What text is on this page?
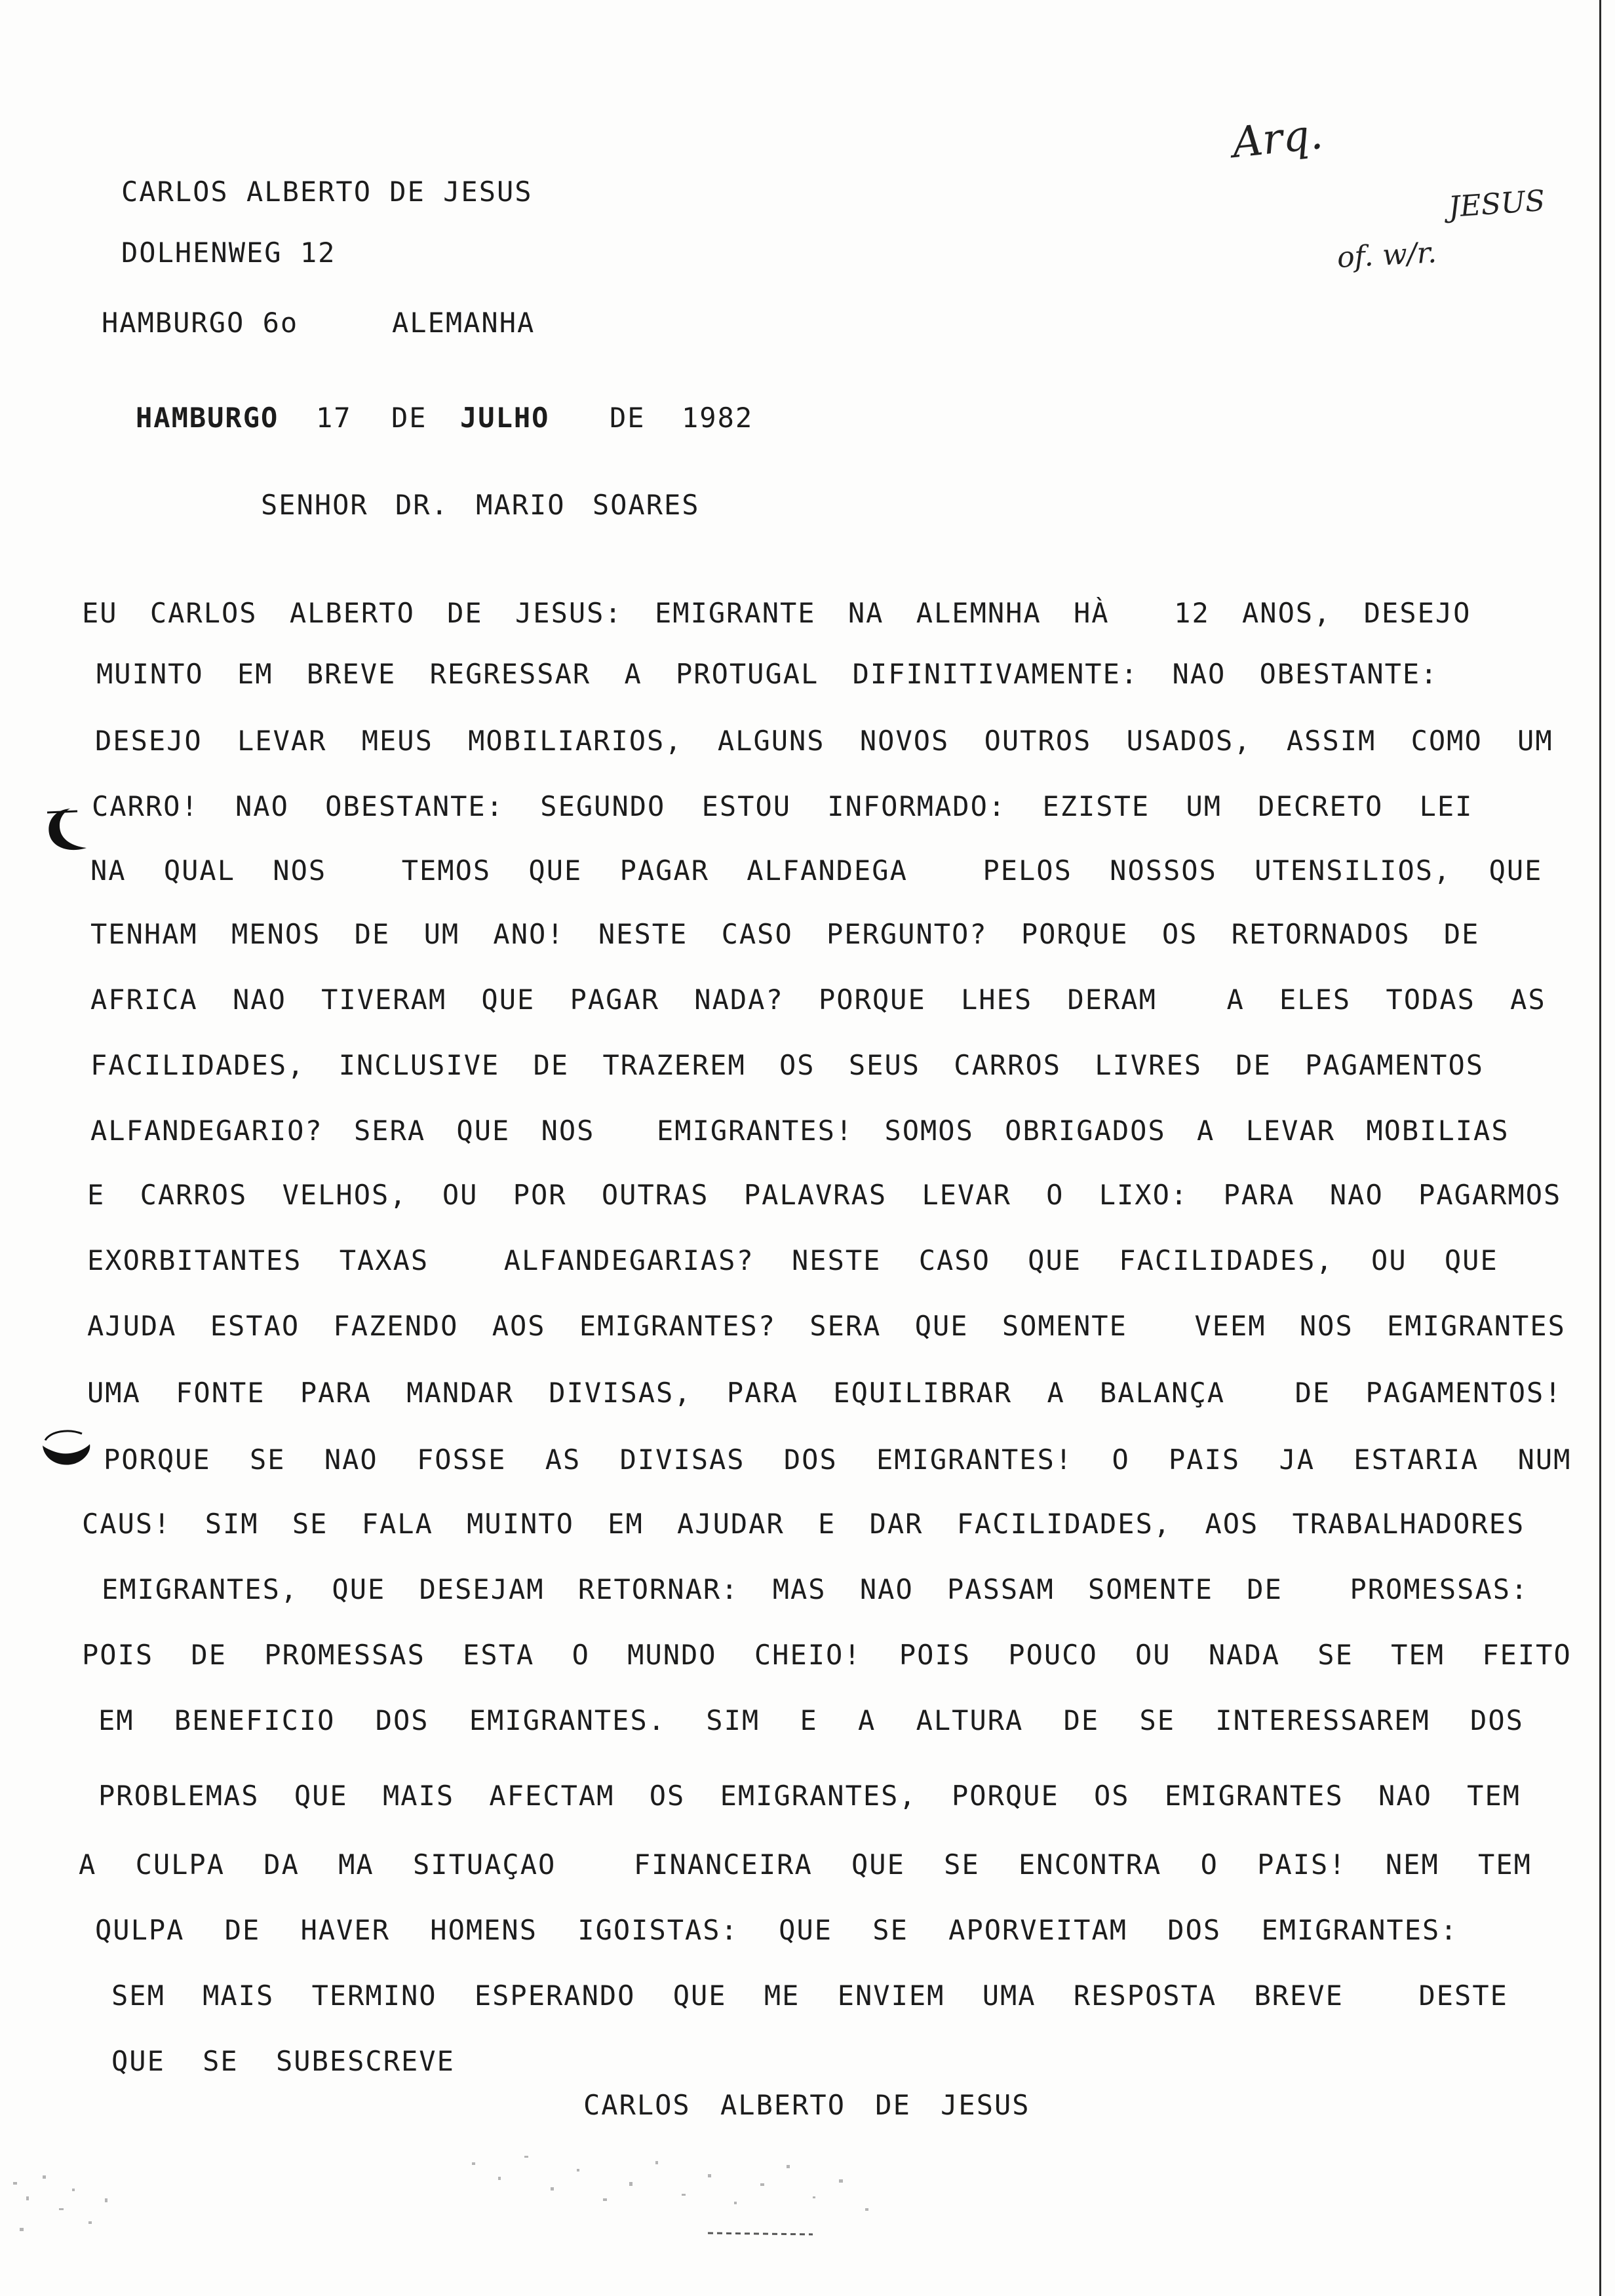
Arq.
JESUS
of. w/r.
CARLOS ALBERTO DE JESUS
DOLHENWEG 12
HAMBURGO 6o	ALEMANHA
HAMBURGO 17 DE JULHO DE 1982
SENHOR DR. MARIO SOARES
EU CARLOS ALBERTO DE JESUS: EMIGRANTE NA ALEMNHA HÀ  12 ANOS, DESEJO
MUINTO EM BREVE REGRESSAR A PROTUGAL DIFINITIVAMENTE: NAO OBESTANTE:
DESEJO LEVAR MEUS MOBILIARIOS, ALGUNS NOVOS OUTROS USADOS, ASSIM COMO UM
CARRO! NAO OBESTANTE: SEGUNDO ESTOU INFORMADO: EZISTE UM DECRETO LEI
NA QUAL NOS  TEMOS QUE PAGAR ALFANDEGA  PELOS NOSSOS UTENSILIOS, QUE
TENHAM MENOS DE UM ANO! NESTE CASO PERGUNTO? PORQUE OS RETORNADOS DE
AFRICA NAO TIVERAM QUE PAGAR NADA? PORQUE LHES DERAM  A ELES TODAS AS
FACILIDADES, INCLUSIVE DE TRAZEREM OS SEUS CARROS LIVRES DE PAGAMENTOS
ALFANDEGARIO? SERA QUE NOS  EMIGRANTES! SOMOS OBRIGADOS A LEVAR MOBILIAS
E CARROS VELHOS, OU POR OUTRAS PALAVRAS LEVAR O LIXO: PARA NAO PAGARMOS
EXORBITANTES TAXAS  ALFANDEGARIAS? NESTE CASO QUE FACILIDADES, OU QUE
AJUDA ESTAO FAZENDO AOS EMIGRANTES? SERA QUE SOMENTE  VEEM NOS EMIGRANTES
UMA FONTE PARA MANDAR DIVISAS, PARA EQUILIBRAR A BALANÇA  DE PAGAMENTOS!
PORQUE SE NAO FOSSE AS DIVISAS DOS EMIGRANTES! O PAIS JA ESTARIA NUM
CAUS! SIM SE FALA MUINTO EM AJUDAR E DAR FACILIDADES, AOS TRABALHADORES
EMIGRANTES, QUE DESEJAM RETORNAR: MAS NAO PASSAM SOMENTE DE  PROMESSAS:
POIS DE PROMESSAS ESTA O MUNDO CHEIO! POIS POUCO OU NADA SE TEM FEITO
EM BENEFICIO DOS EMIGRANTES. SIM E A ALTURA DE SE INTERESSAREM DOS
PROBLEMAS QUE MAIS AFECTAM OS EMIGRANTES, PORQUE OS EMIGRANTES NAO TEM
A CULPA DA MA SITUAÇAO  FINANCEIRA QUE SE ENCONTRA O PAIS! NEM TEM
QULPA DE HAVER HOMENS IGOISTAS: QUE SE APORVEITAM DOS EMIGRANTES:
SEM MAIS TERMINO ESPERANDO QUE ME ENVIEM UMA RESPOSTA BREVE  DESTE
QUE SE SUBESCREVE
CARLOS ALBERTO DE JESUS
